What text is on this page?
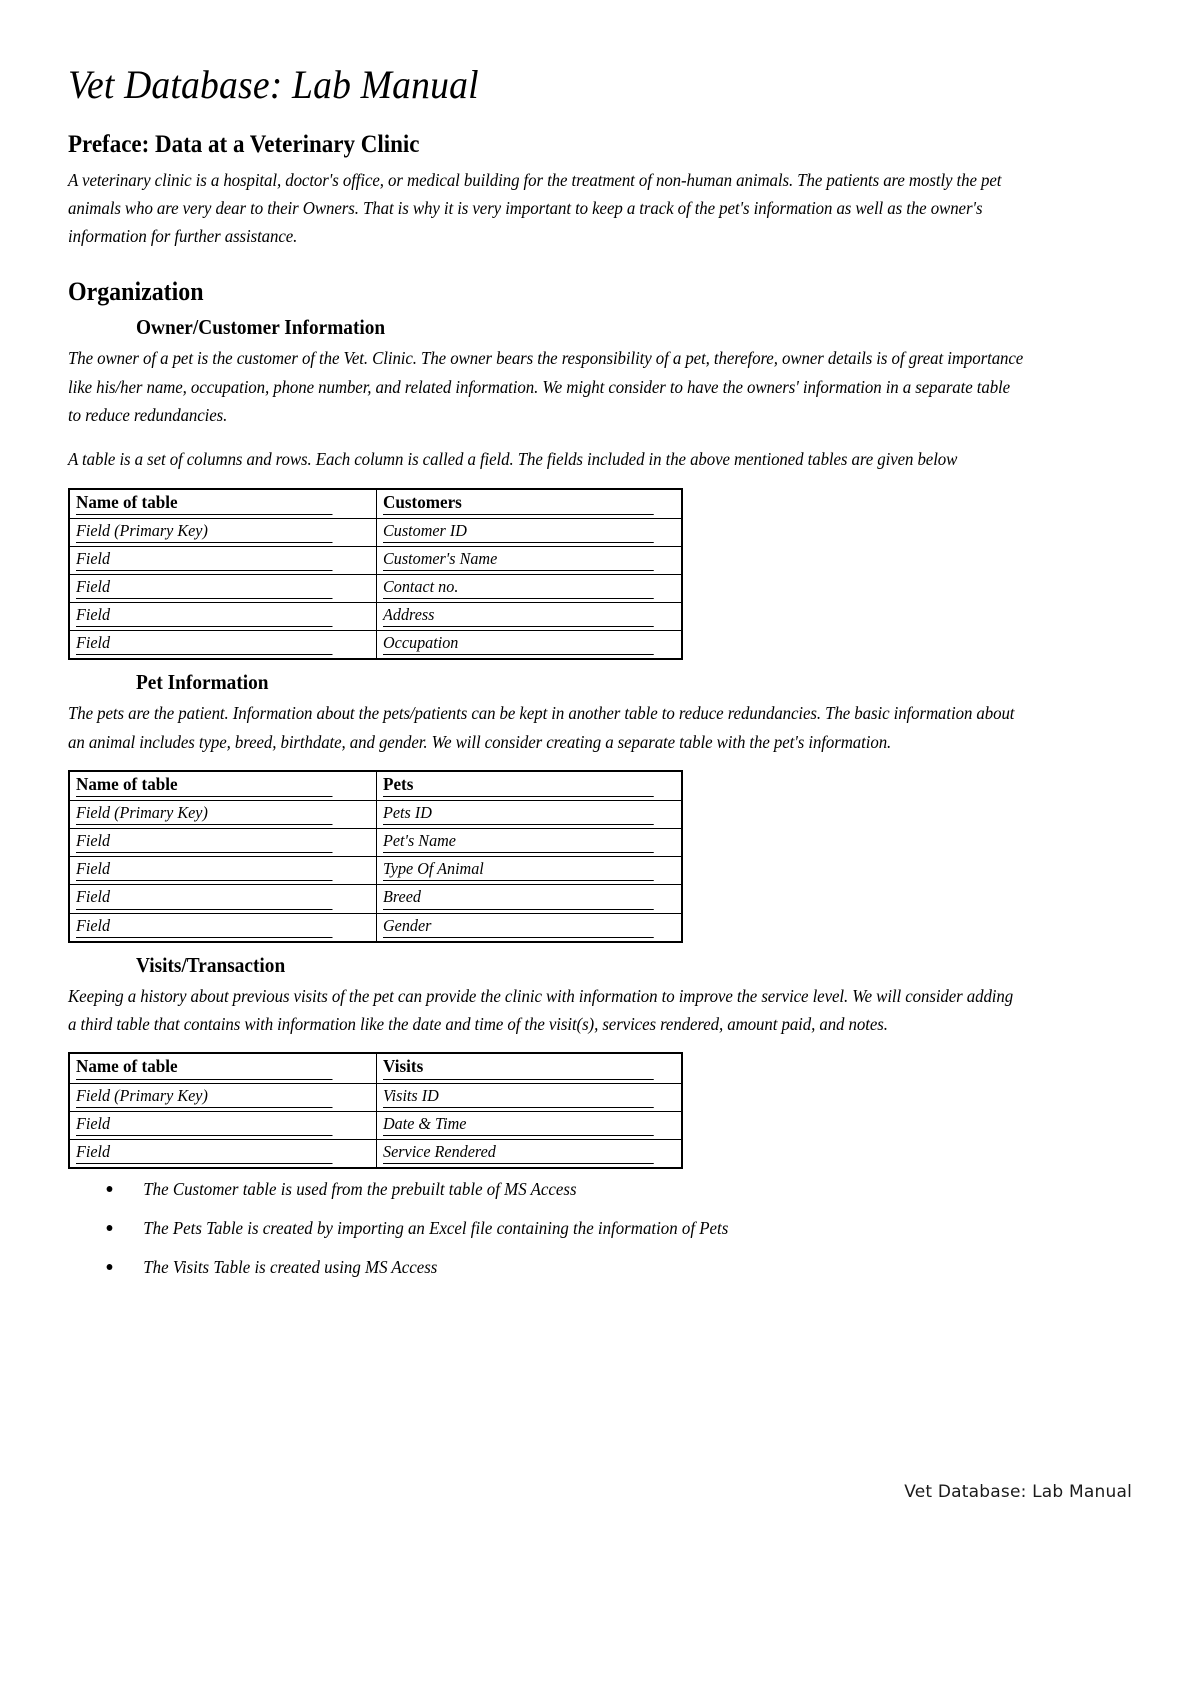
Vet Database: Lab Manual
Preface: Data at a Veterinary Clinic

A veterinary clinic is a hospital, doctor's office, or medical building for the treatment of non-human animals. The patients are mostly the pet animals who are very dear to their Owners. That is why it is very important to keep a track of the pet's information as well as the owner's information for further assistance.

Organization
Owner/Customer Information

The owner of a pet is the customer of the Vet. Clinic. The owner bears the responsibility of a pet, therefore, owner details is of great importance like his/her name, occupation, phone number, and related information. We might consider to have the owners' information in a separate table to reduce redundancies.

A table is a set of columns and rows. Each column is called a field. The fields included in the above mentioned tables are given below

Name of table	Customers
Field (Primary Key)	Customer ID
Field	Customer's Name
Field	Contact no.
Field	Address
Field	Occupation
Pet Information

The pets are the patient. Information about the pets/patients can be kept in another table to reduce redundancies. The basic information about an animal includes type, breed, birthdate, and gender. We will consider creating a separate table with the pet's information.

Name of table	Pets
Field (Primary Key)	Pets ID
Field	Pet's Name
Field	Type Of Animal
Field	Breed
Field	Gender
Visits/Transaction

Keeping a history about previous visits of the pet can provide the clinic with information to improve the service level. We will consider adding a third table that contains with information like the date and time of the visit(s), services rendered, amount paid, and notes.

Name of table	Visits
Field (Primary Key)	Visits ID
Field	Date & Time
Field	Service Rendered
The Customer table is used from the prebuilt table of MS Access
The Pets Table is created by importing an Excel file containing the information of Pets
The Visits Table is created using MS Access
Vet Database: Lab Manual
